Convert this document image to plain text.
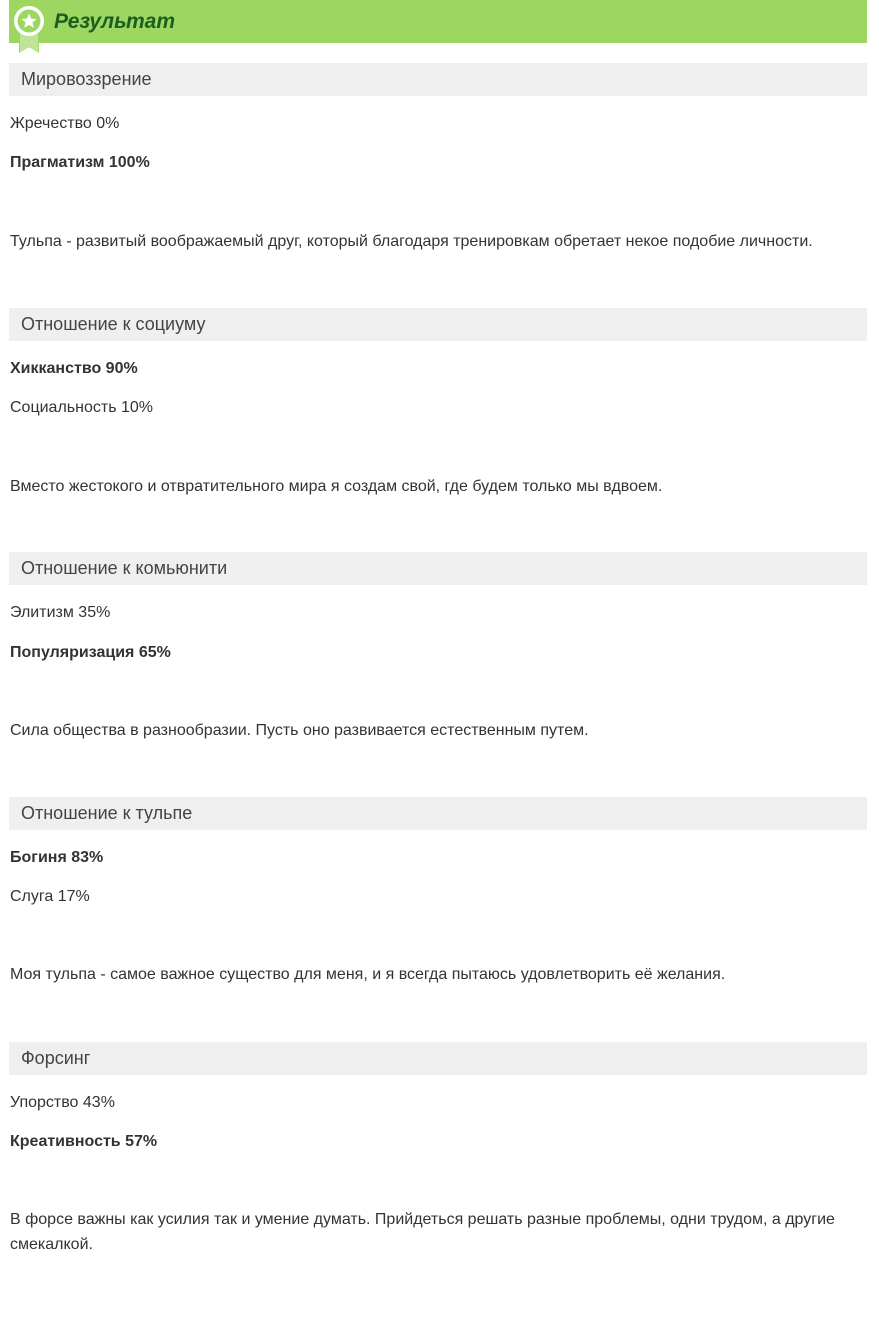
Результат
Мировоззрение
Жречество 0%
Прагматизм 100%
Тульпа - развитый воображаемый друг, который благодаря тренировкам обретает некое подобие личности.
Отношение к социуму
Хикканство 90%
Социальность 10%
Вместо жестокого и отвратительного мира я создам свой, где будем только мы вдвоем.
Отношение к комьюнити
Элитизм 35%
Популяризация 65%
Сила общества в разнообразии. Пусть оно развивается естественным путем.
Отношение к тульпе
Богиня 83%
Слуга 17%
Моя тульпа - самое важное существо для меня, и я всегда пытаюсь удовлетворить её желания.
Форсинг
Упорство 43%
Креативность 57%
В форсе важны как усилия так и умение думать. Прийдеться решать разные проблемы, одни трудом, а другие смекалкой.
